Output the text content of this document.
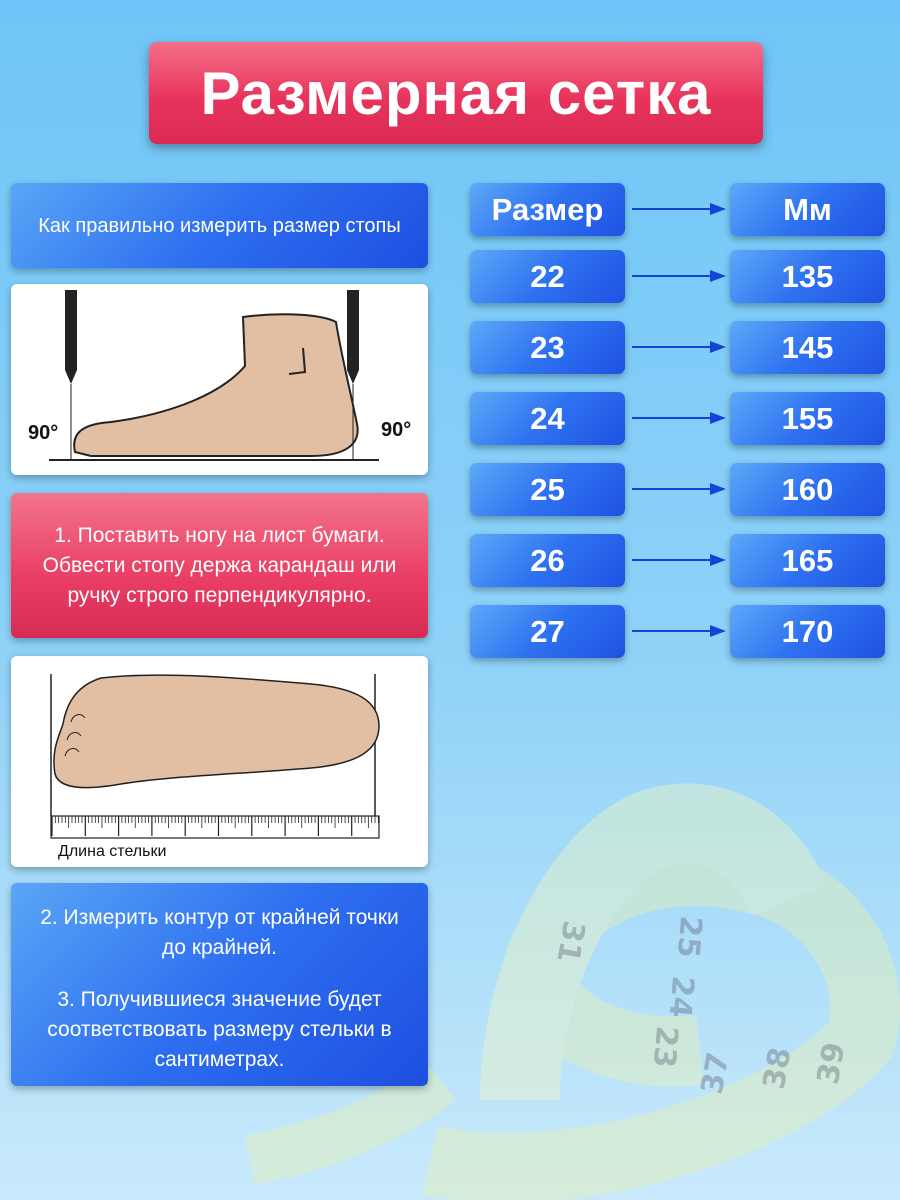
31	25
24
23
37 38 39
Размерная сетка
Как правильно измерить размер стопы
90°	90°
1. Поставить ногу на лист бумаги. Обвести стопу держа карандаш или ручку строго перпендикулярно.
Длина стельки

2. Измерить контур от крайней точки до крайней.

3. Получившиеся значение будет соответствовать размеру стельки в сантиметрах.

Размер	Мм
22	135
23	145
24	155
25	160
26	165
27	170
